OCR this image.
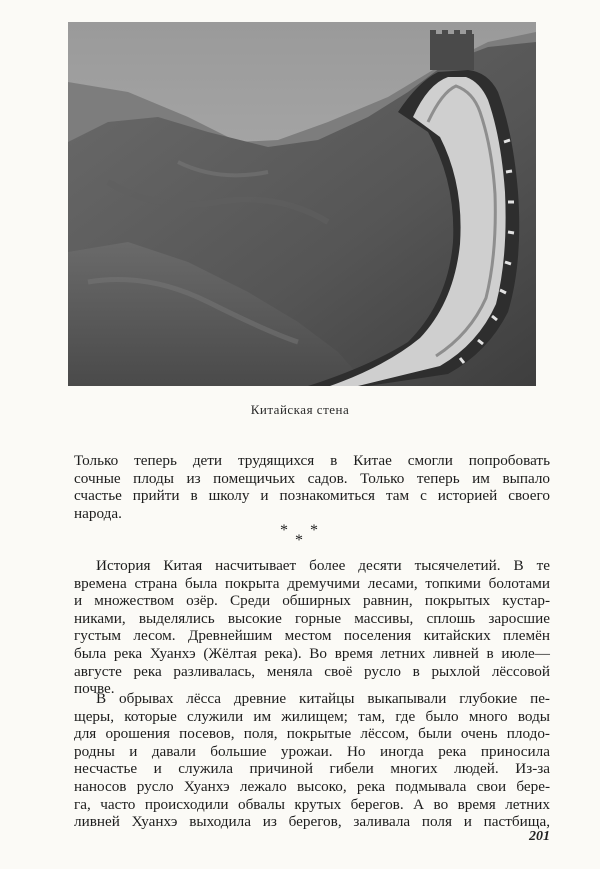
Китайская стена

Только теперь дети трудящихся в Китае смогли попробовать
сочные плоды из помещичьих садов. Только теперь им выпало
счастье прийти в школу и познакомиться там с историей своего
народа.

* *
*

История Китая насчитывает более десяти тысячелетий. В те
времена страна была покрыта дремучими лесами, топкими болотами
и множеством озёр. Среди обширных равнин, покрытых кустар-
никами, выделялись высокие горные массивы, сплошь заросшие
густым лесом. Древнейшим местом поселения китайских племён
была река Хуанхэ (Жёлтая река). Во время летних ливней в июле—
августе река разливалась, меняла своё русло в рыхлой лёссовой
почве.

В обрывах лёсса древние китайцы выкапывали глубокие пе-
щеры, которые служили им жилищем; там, где было много воды
для орошения посевов, поля, покрытые лёссом, были очень плодо-
родны и давали большие урожаи. Но иногда река приносила
несчастье и служила причиной гибели многих людей. Из-за
наносов русло Хуанхэ лежало высоко, река подмывала свои бере-
га, часто происходили обвалы крутых берегов. А во время летних
ливней Хуанхэ выходила из берегов, заливала поля и пастбища,

201
